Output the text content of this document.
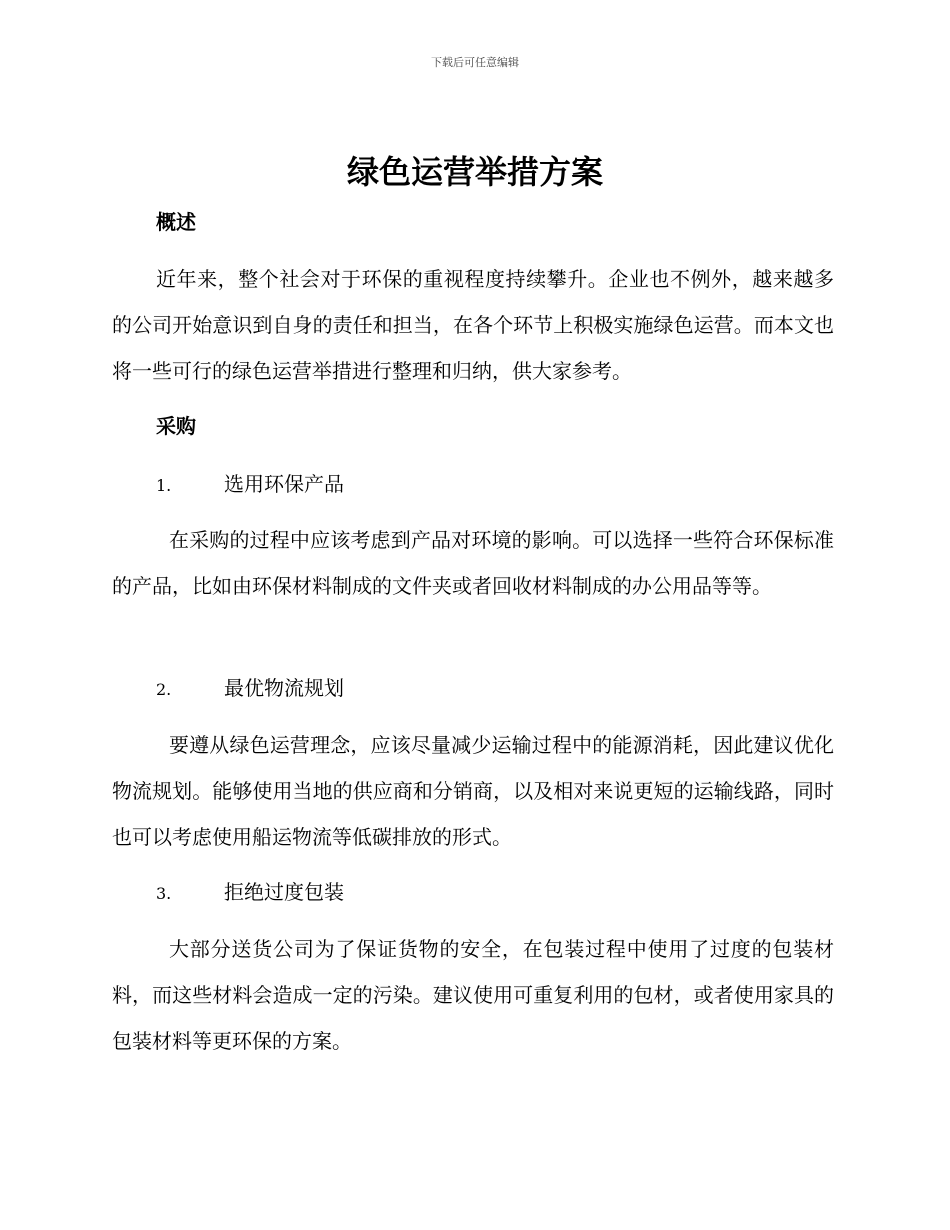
下载后可任意编辑
绿色运营举措方案
概述

近年来，整个社会对于环保的重视程度持续攀升。企业也不例外，越来越多的公司开始意识到自身的责任和担当，在各个环节上积极实施绿色运营。而本文也将一些可行的绿色运营举措进行整理和归纳，供大家参考。

采购
1.	选用环保产品

在采购的过程中应该考虑到产品对环境的影响。可以选择一些符合环保标准的产品，比如由环保材料制成的文件夹或者回收材料制成的办公用品等等。

2.	最优物流规划

要遵从绿色运营理念，应该尽量减少运输过程中的能源消耗，因此建议优化物流规划。能够使用当地的供应商和分销商，以及相对来说更短的运输线路，同时也可以考虑使用船运物流等低碳排放的形式。

3.	拒绝过度包装

大部分送货公司为了保证货物的安全，在包装过程中使用了过度的包装材料，而这些材料会造成一定的污染。建议使用可重复利用的包材，或者使用家具的包装材料等更环保的方案。
